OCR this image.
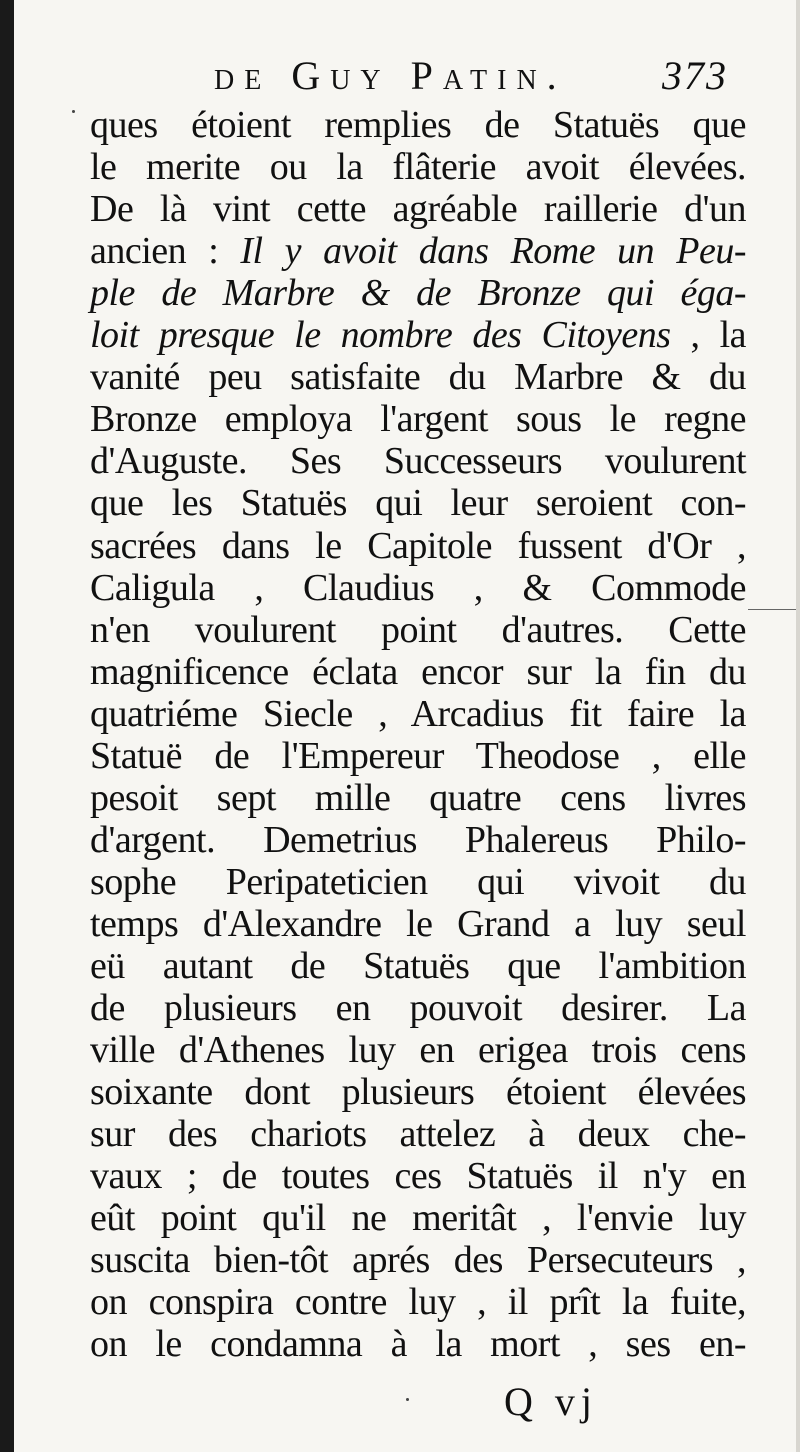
de Guy Patin. 373
ques étoient remplies de Statuës que
le merite ou la flâterie avoit élevées.
De là vint cette agréable raillerie d'un
ancien : Il y avoit dans Rome un Peu-
ple de Marbre & de Bronze qui éga-
loit presque le nombre des Citoyens , la
vanité peu satisfaite du Marbre & du
Bronze employa l'argent sous le regne
d'Auguste. Ses Successeurs voulurent
que les Statuës qui leur seroient con-
sacrées dans le Capitole fussent d'Or ,
Caligula , Claudius , & Commode
n'en voulurent point d'autres. Cette
magnificence éclata encor sur la fin du
quatriéme Siecle , Arcadius fit faire la
Statuë de l'Empereur Theodose , elle
pesoit sept mille quatre cens livres
d'argent. Demetrius Phalereus Philo-
sophe Peripateticien qui vivoit du
temps d'Alexandre le Grand a luy seul
eü autant de Statuës que l'ambition
de plusieurs en pouvoit desirer. La
ville d'Athenes luy en erigea trois cens
soixante dont plusieurs étoient élevées
sur des chariots attelez à deux che-
vaux ; de toutes ces Statuës il n'y en
eût point qu'il ne meritât , l'envie luy
suscita bien-tôt aprés des Persecuteurs ,
on conspira contre luy , il prît la fuite,
on le condamna à la mort , ses en-
Q vj
